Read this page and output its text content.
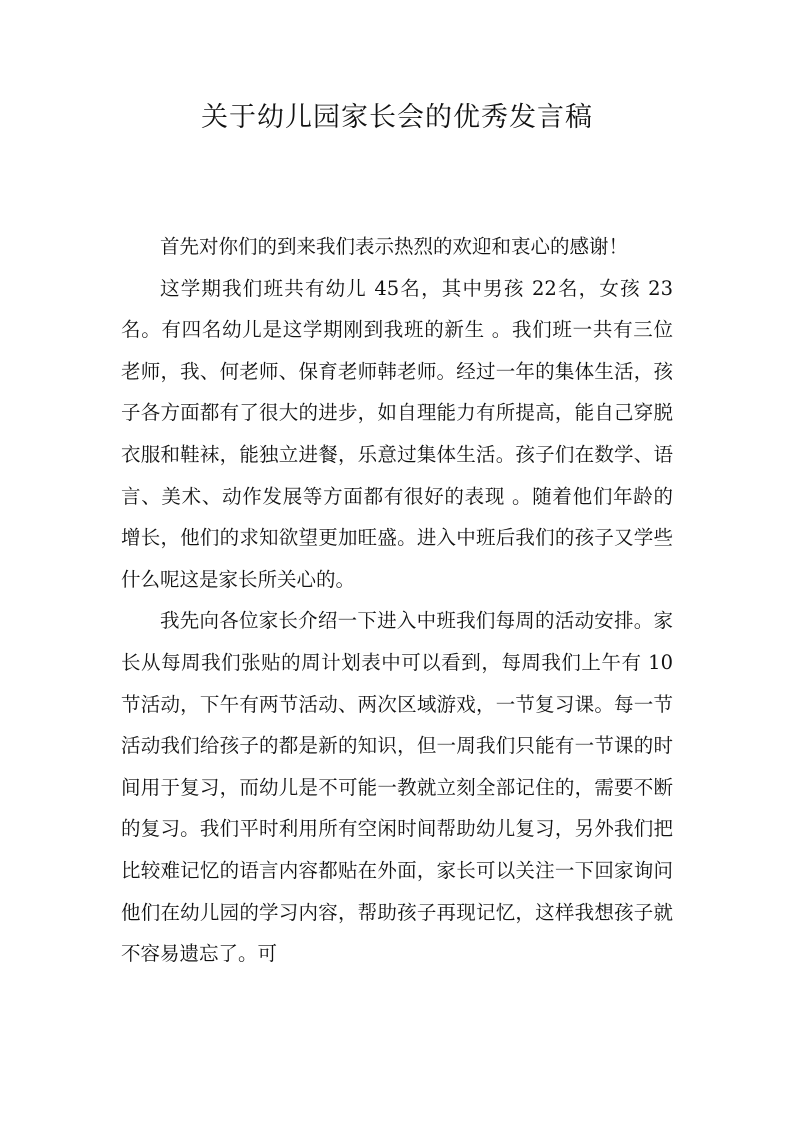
关于幼儿园家长会的优秀发言稿

首先对你们的到来我们表示热烈的欢迎和衷心的感谢！

这学期我们班共有幼儿 45名，其中男孩 22名，女孩 23名。有四名幼儿是这学期刚到我班的新生 。我们班一共有三位老师，我、何老师、保育老师韩老师。经过一年的集体生活，孩子各方面都有了很大的进步，如自理能力有所提高，能自己穿脱衣服和鞋袜，能独立进餐，乐意过集体生活。孩子们在数学、语言、美术、动作发展等方面都有很好的表现 。随着他们年龄的增长，他们的求知欲望更加旺盛。进入中班后我们的孩子又学些什么呢这是家长所关心的。

我先向各位家长介绍一下进入中班我们每周的活动安排。家长从每周我们张贴的周计划表中可以看到，每周我们上午有 10节活动，下午有两节活动、两次区域游戏，一节复习课。每一节活动我们给孩子的都是新的知识，但一周我们只能有一节课的时间用于复习，而幼儿是不可能一教就立刻全部记住的，需要不断的复习。我们平时利用所有空闲时间帮助幼儿复习，另外我们把比较难记忆的语言内容都贴在外面，家长可以关注一下回家询问他们在幼儿园的学习内容，帮助孩子再现记忆，这样我想孩子就不容易遗忘了。可
